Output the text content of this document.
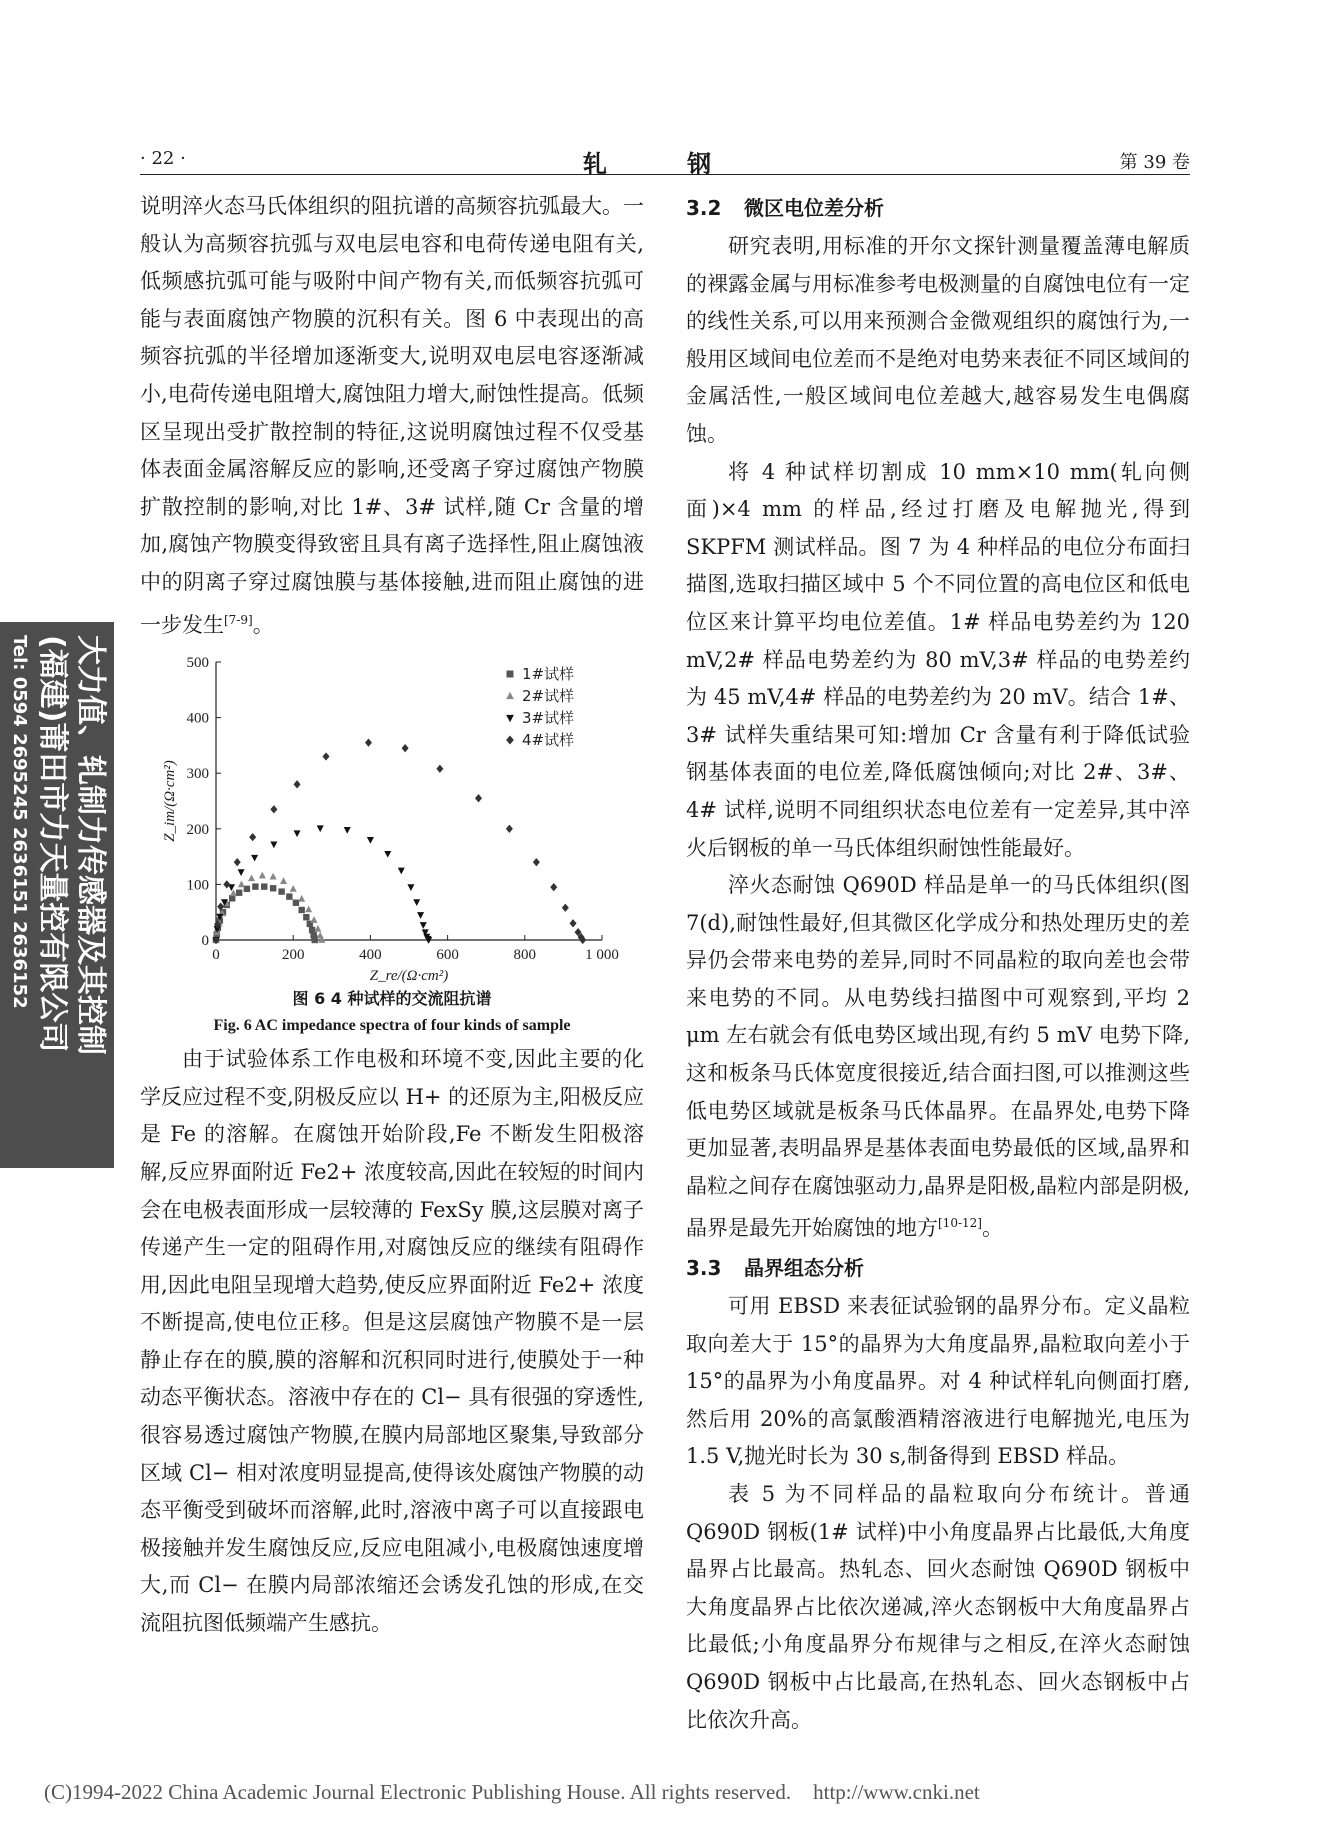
· 22 ·	轧 钢	第 39 卷

说明淬火态马氏体组织的阻抗谱的高频容抗弧最大。一般认为高频容抗弧与双电层电容和电荷传递电阻有关,低频感抗弧可能与吸附中间产物有关,而低频容抗弧可能与表面腐蚀产物膜的沉积有关。图 6 中表现出的高频容抗弧的半径增加逐渐变大,说明双电层电容逐渐减小,电荷传递电阻增大,腐蚀阻力增大,耐蚀性提高。低频区呈现出受扩散控制的特征,这说明腐蚀过程不仅受基体表面金属溶解反应的影响,还受离子穿过腐蚀产物膜扩散控制的影响,对比 1#、3# 试样,随 Cr 含量的增加,腐蚀产物膜变得致密且具有离子选择性,阻止腐蚀液中的阴离子穿过腐蚀膜与基体接触,进而阻止腐蚀的进一步发生[7-9]。

0	200	400	600	800	1 000
0
100
200
300
400
500
Z_re/(Ω·cm²)
Z_im/(Ω·cm²)
1#试样
2#试样
3#试样
4#试样
图 6 4 种试样的交流阻抗谱
Fig. 6 AC impedance spectra of four kinds of sample

由于试验体系工作电极和环境不变,因此主要的化学反应过程不变,阴极反应以 H+ 的还原为主,阳极反应是 Fe 的溶解。在腐蚀开始阶段,Fe 不断发生阳极溶解,反应界面附近 Fe2+ 浓度较高,因此在较短的时间内会在电极表面形成一层较薄的 FexSy 膜,这层膜对离子传递产生一定的阻碍作用,对腐蚀反应的继续有阻碍作用,因此电阻呈现增大趋势,使反应界面附近 Fe2+ 浓度不断提高,使电位正移。但是这层腐蚀产物膜不是一层静止存在的膜,膜的溶解和沉积同时进行,使膜处于一种动态平衡状态。溶液中存在的 Cl− 具有很强的穿透性,很容易透过腐蚀产物膜,在膜内局部地区聚集,导致部分区域 Cl− 相对浓度明显提高,使得该处腐蚀产物膜的动态平衡受到破坏而溶解,此时,溶液中离子可以直接跟电极接触并发生腐蚀反应,反应电阻减小,电极腐蚀速度增大,而 Cl− 在膜内局部浓缩还会诱发孔蚀的形成,在交流阻抗图低频端产生感抗。

3.2 微区电位差分析

研究表明,用标准的开尔文探针测量覆盖薄电解质的裸露金属与用标准参考电极测量的自腐蚀电位有一定的线性关系,可以用来预测合金微观组织的腐蚀行为,一般用区域间电位差而不是绝对电势来表征不同区域间的金属活性,一般区域间电位差越大,越容易发生电偶腐蚀。

将 4 种试样切割成 10 mm×10 mm(轧向侧面)×4 mm 的样品,经过打磨及电解抛光,得到 SKPFM 测试样品。图 7 为 4 种样品的电位分布面扫描图,选取扫描区域中 5 个不同位置的高电位区和低电位区来计算平均电位差值。1# 样品电势差约为 120 mV,2# 样品电势差约为 80 mV,3# 样品的电势差约为 45 mV,4# 样品的电势差约为 20 mV。结合 1#、3# 试样失重结果可知:增加 Cr 含量有利于降低试验钢基体表面的电位差,降低腐蚀倾向;对比 2#、3#、4# 试样,说明不同组织状态电位差有一定差异,其中淬火后钢板的单一马氏体组织耐蚀性能最好。

淬火态耐蚀 Q690D 样品是单一的马氏体组织(图 7(d),耐蚀性最好,但其微区化学成分和热处理历史的差异仍会带来电势的差异,同时不同晶粒的取向差也会带来电势的不同。从电势线扫描图中可观察到,平均 2 μm 左右就会有低电势区域出现,有约 5 mV 电势下降,这和板条马氏体宽度很接近,结合面扫图,可以推测这些低电势区域就是板条马氏体晶界。在晶界处,电势下降更加显著,表明晶界是基体表面电势最低的区域,晶界和晶粒之间存在腐蚀驱动力,晶界是阳极,晶粒内部是阴极,晶界是最先开始腐蚀的地方[10-12]。

3.3 晶界组态分析

可用 EBSD 来表征试验钢的晶界分布。定义晶粒取向差大于 15°的晶界为大角度晶界,晶粒取向差小于 15°的晶界为小角度晶界。对 4 种试样轧向侧面打磨,然后用 20%的高氯酸酒精溶液进行电解抛光,电压为 1.5 V,抛光时长为 30 s,制备得到 EBSD 样品。

表 5 为不同样品的晶粒取向分布统计。普通 Q690D 钢板(1# 试样)中小角度晶界占比最低,大角度晶界占比最高。热轧态、回火态耐蚀 Q690D 钢板中大角度晶界占比依次递减,淬火态钢板中大角度晶界占比最低;小角度晶界分布规律与之相反,在淬火态耐蚀 Q690D 钢板中占比最高,在热轧态、回火态钢板中占比依次升高。

大力值、轧制力传感器及其控制
(福建)莆田市力天量控有限公司
Tel: 0594 2695245 2636151 2636152
(C)1994-2022 China Academic Journal Electronic Publishing House. All rights reserved. http://www.cnki.net
